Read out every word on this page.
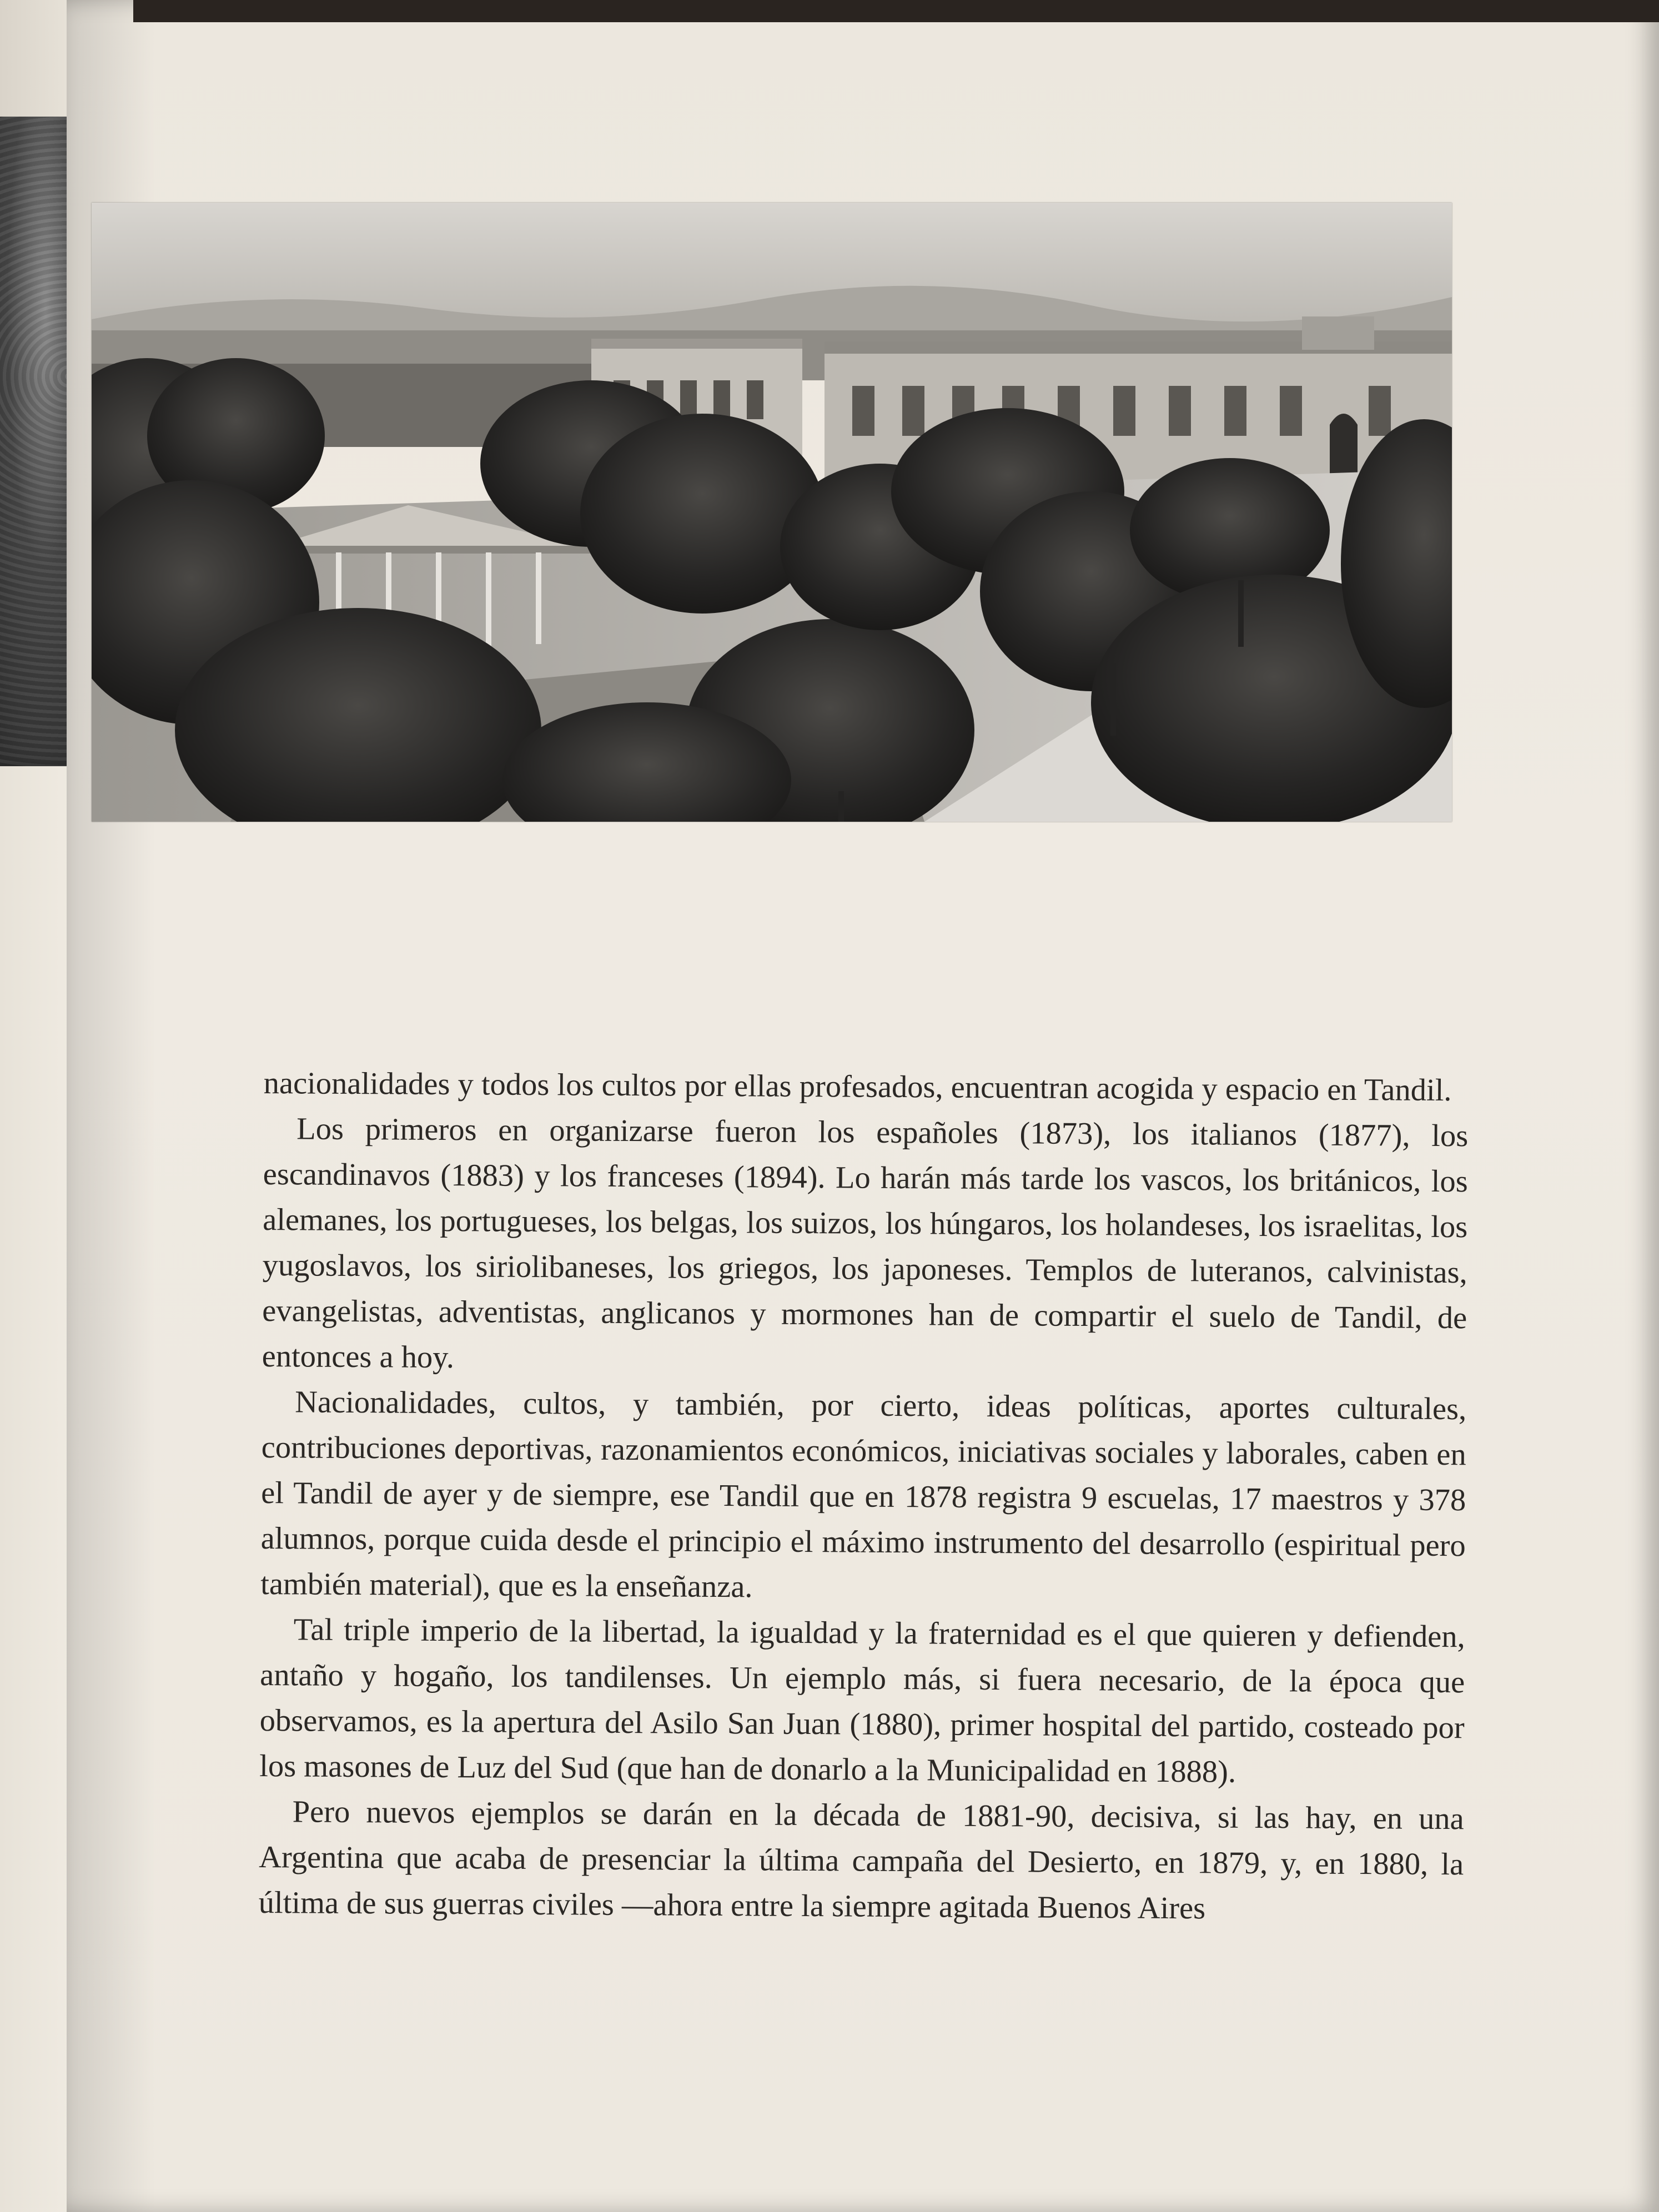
nacionalidades y todos los cultos por ellas profesados, encuentran acogida y espacio en Tandil.

Los primeros en organizarse fueron los españoles (1873), los italianos (1877), los escandinavos (1883) y los franceses (1894). Lo harán más tarde los vascos, los británicos, los alemanes, los portugueses, los belgas, los suizos, los húngaros, los holandeses, los israelitas, los yugoslavos, los siriolibaneses, los griegos, los japoneses. Templos de luteranos, calvinistas, evangelistas, adventistas, anglicanos y mormones han de compartir el suelo de Tandil, de entonces a hoy.

Nacionalidades, cultos, y también, por cierto, ideas políticas, aportes culturales, contribuciones deportivas, razonamientos económicos, iniciativas sociales y laborales, caben en el Tandil de ayer y de siempre, ese Tandil que en 1878 registra 9 escuelas, 17 maestros y 378 alumnos, porque cuida desde el principio el máximo instrumento del desarrollo (espiritual pero también material), que es la enseñanza.

Tal triple imperio de la libertad, la igualdad y la fraternidad es el que quieren y defienden, antaño y hogaño, los tandilenses. Un ejemplo más, si fuera necesario, de la época que observamos, es la apertura del Asilo San Juan (1880), primer hospital del partido, costeado por los masones de Luz del Sud (que han de donarlo a la Municipalidad en 1888).

Pero nuevos ejemplos se darán en la década de 1881-90, decisiva, si las hay, en una Argentina que acaba de presenciar la última campaña del Desierto, en 1879, y, en 1880, la última de sus guerras civiles —ahora entre la siempre agitada Buenos Aires
